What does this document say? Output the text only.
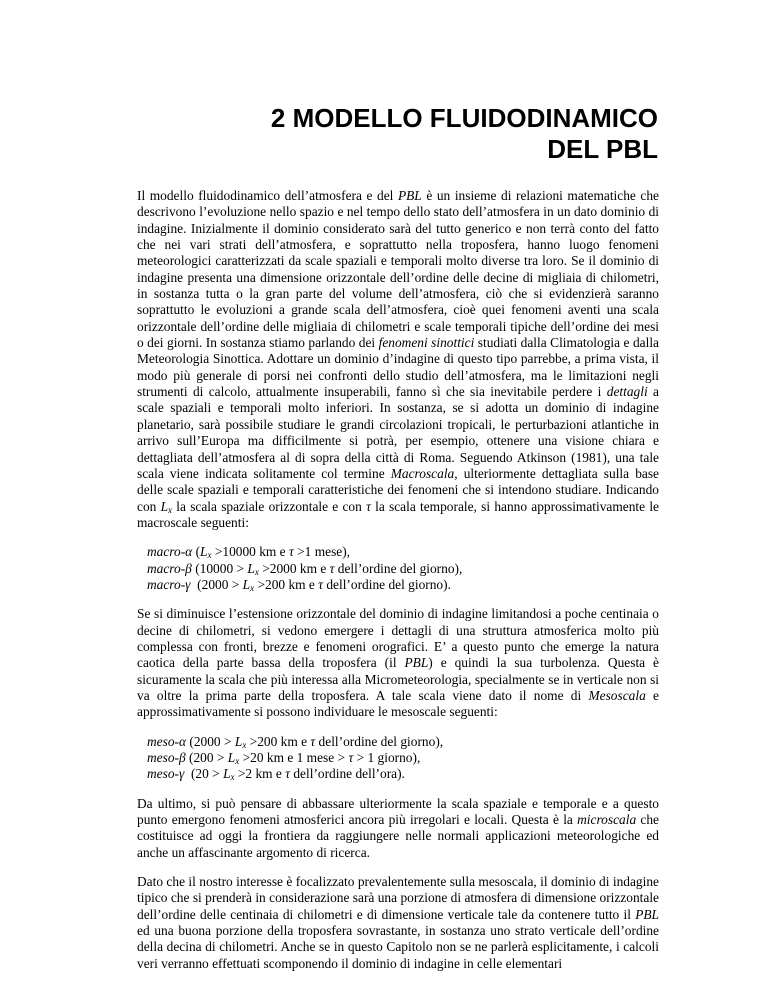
2 MODELLO FLUIDODINAMICO
DEL PBL

Il modello fluidodinamico dell’atmosfera e del PBL è un insieme di relazioni matematiche che descrivono l’evoluzione nello spazio e nel tempo dello stato dell’atmosfera in un dato dominio di indagine. Inizialmente il dominio considerato sarà del tutto generico e non terrà conto del fatto che nei vari strati dell’atmosfera, e soprattutto nella troposfera, hanno luogo fenomeni meteorologici caratterizzati da scale spaziali e temporali molto diverse tra loro. Se il dominio di indagine presenta una dimensione orizzontale dell’ordine delle decine di migliaia di chilometri, in sostanza tutta o la gran parte del volume dell’atmosfera, ciò che si evidenzierà saranno soprattutto le evoluzioni a grande scala dell’atmosfera, cioè quei fenomeni aventi una scala orizzontale dell’ordine delle migliaia di chilometri e scale temporali tipiche dell’ordine dei mesi o dei giorni. In sostanza stiamo parlando dei fenomeni sinottici studiati dalla Climatologia e dalla Meteorologia Sinottica. Adottare un dominio d’indagine di questo tipo parrebbe, a prima vista, il modo più generale di porsi nei confronti dello studio dell’atmosfera, ma le limitazioni negli strumenti di calcolo, attualmente insuperabili, fanno sì che sia inevitabile perdere i dettagli a scale spaziali e temporali molto inferiori. In sostanza, se si adotta un dominio di indagine planetario, sarà possibile studiare le grandi circolazioni tropicali, le perturbazioni atlantiche in arrivo sull’Europa ma difficilmente si potrà, per esempio, ottenere una visione chiara e dettagliata dell’atmosfera al di sopra della città di Roma. Seguendo Atkinson (1981), una tale scala viene indicata solitamente col termine Macroscala, ulteriormente dettagliata sulla base delle scale spaziali e temporali caratteristiche dei fenomeni che si intendono studiare. Indicando con $L_x$ la scala spaziale orizzontale e con τ la scala temporale, si hanno approssimativamente le macroscale seguenti:

macro-α ($L_x >10000$ km e τ >1 mese),
macro-β ($10000 > L_x >2000$ km e τ dell’ordine del giorno),
macro-γ  ($2000 > L_x >200$ km e τ dell’ordine del giorno).

Se si diminuisce l’estensione orizzontale del dominio di indagine limitandosi a poche centinaia o decine di chilometri, si vedono emergere i dettagli di una struttura atmosferica molto più complessa con fronti, brezze e fenomeni orografici. E’ a questo punto che emerge la natura caotica della parte bassa della troposfera (il PBL) e quindi la sua turbolenza. Questa è sicuramente la scala che più interessa alla Micrometeorologia, specialmente se in verticale non si va oltre la prima parte della troposfera. A tale scala viene dato il nome di Mesoscala e approssimativamente si possono individuare le mesoscale seguenti:

meso-α ($2000 > L_x >200$ km e τ dell’ordine del giorno),
meso-β ($200 > L_x >20$ km e 1 mese > τ > 1 giorno),
meso-γ  ($20 > L_x >2$ km e τ dell’ordine dell’ora).

Da ultimo, si può pensare di abbassare ulteriormente la scala spaziale e temporale e a questo punto emergono fenomeni atmosferici ancora più irregolari e locali. Questa è la microscala che costituisce ad oggi la frontiera da raggiungere nelle normali applicazioni meteorologiche ed anche un affascinante argomento di ricerca.

Dato che il nostro interesse è focalizzato prevalentemente sulla mesoscala, il dominio di indagine tipico che si prenderà in considerazione sarà una porzione di atmosfera di dimensione orizzontale dell’ordine delle centinaia di chilometri e di dimensione verticale tale da contenere tutto il PBL ed una buona porzione della troposfera sovrastante, in sostanza uno strato verticale dell’ordine della decina di chilometri. Anche se in questo Capitolo non se ne parlerà esplicitamente, i calcoli veri verranno effettuati scomponendo il dominio di indagine in celle elementari
